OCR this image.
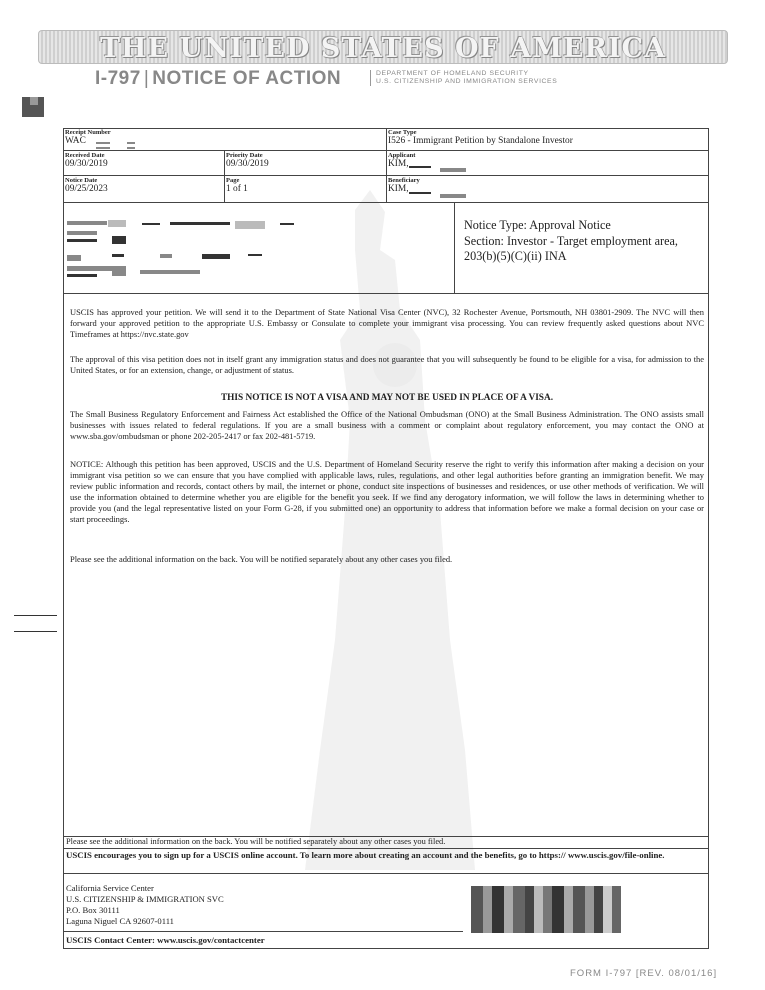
THE UNITED STATES OF AMERICA
I-797 | NOTICE OF ACTION	DEPARTMENT OF HOMELAND SECURITY
U.S. CITIZENSHIP AND IMMIGRATION SERVICES
Receipt Number
WAC
Case Type
I526 - Immigrant Petition by Standalone Investor
Received Date
09/30/2019
Priority Date
09/30/2019
Applicant
KIM,
Notice Date
09/25/2023
Page
1 of 1
Beneficiary
KIM,
Notice Type: Approval Notice
Section: Investor - Target employment area,
203(b)(5)(C)(ii) INA
USCIS has approved your petition. We will send it to the Department of State National Visa Center (NVC), 32 Rochester Avenue, Portsmouth, NH 03801-2909. The NVC will then forward your approved petition to the appropriate U.S. Embassy or Consulate to complete your immigrant visa processing. You can review frequently asked questions about NVC Timeframes at https://nvc.state.gov
The approval of this visa petition does not in itself grant any immigration status and does not guarantee that you will subsequently be found to be eligible for a visa, for admission to the United States, or for an extension, change, or adjustment of status.
THIS NOTICE IS NOT A VISA AND MAY NOT BE USED IN PLACE OF A VISA.
The Small Business Regulatory Enforcement and Fairness Act established the Office of the National Ombudsman (ONO) at the Small Business Administration. The ONO assists small businesses with issues related to federal regulations. If you are a small business with a comment or complaint about regulatory enforcement, you may contact the ONO at www.sba.gov/ombudsman or phone 202-205-2417 or fax 202-481-5719.
NOTICE: Although this petition has been approved, USCIS and the U.S. Department of Homeland Security reserve the right to verify this information after making a decision on your immigrant visa petition so we can ensure that you have complied with applicable laws, rules, regulations, and other legal authorities before granting an immigration benefit. We may review public information and records, contact others by mail, the internet or phone, conduct site inspections of businesses and residences, or use other methods of verification. We will use the information obtained to determine whether you are eligible for the benefit you seek. If we find any derogatory information, we will follow the laws in determining whether to provide you (and the legal representative listed on your Form G-28, if you submitted one) an opportunity to address that information before we make a formal decision on your case or start proceedings.
Please see the additional information on the back. You will be notified separately about any other cases you filed.
Please see the additional information on the back. You will be notified separately about any other cases you filed.
USCIS encourages you to sign up for a USCIS online account. To learn more about creating an account and the benefits, go to https:// www.uscis.gov/file-online.
California Service Center
U.S. CITIZENSHIP & IMMIGRATION SVC
P.O. Box 30111
Laguna Niguel CA 92607-0111
USCIS Contact Center: www.uscis.gov/contactcenter
FORM I-797 [REV. 08/01/16]
